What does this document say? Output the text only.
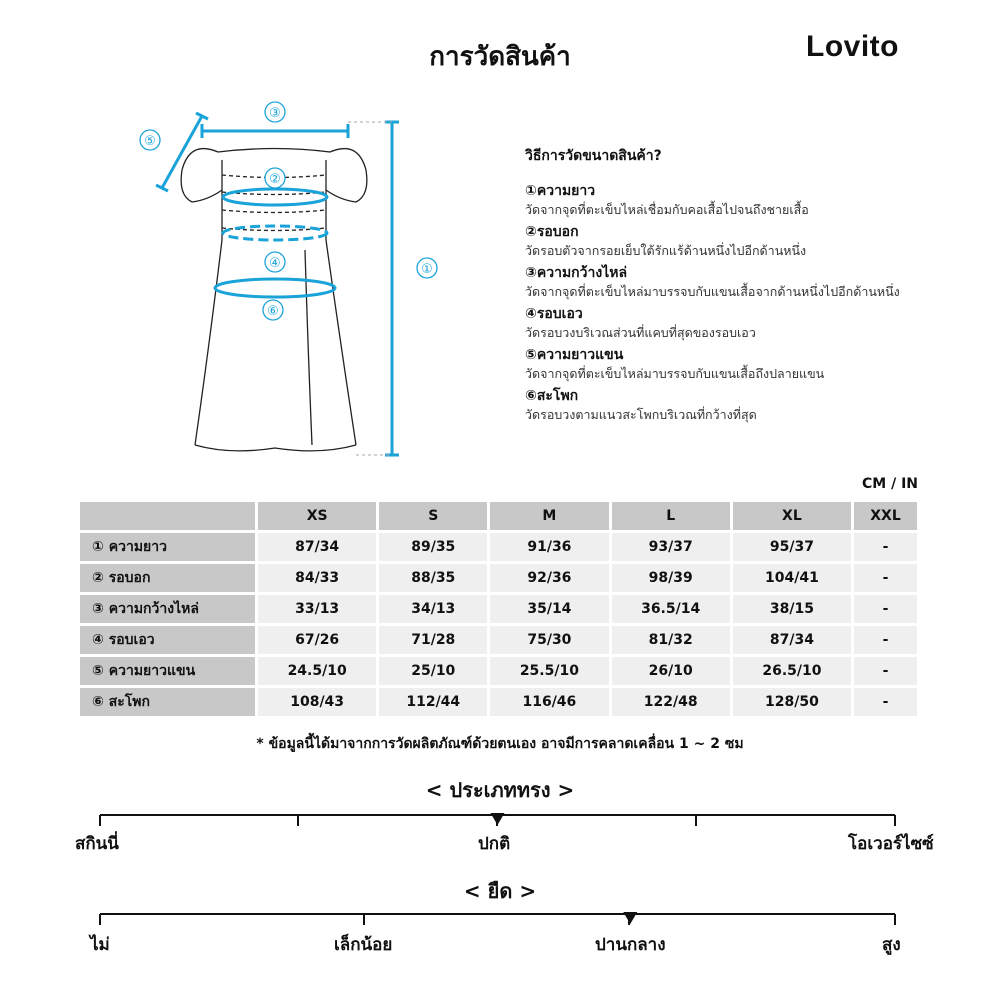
การวัดสินค้า	Lovito
③
⑤
②
④
⑥
①
วิธีการวัดขนาดสินค้า?
①ความยาว
วัดจากจุดที่ตะเข็บไหล่เชื่อมกับคอเสื้อไปจนถึงชายเสื้อ
②รอบอก
วัดรอบตัวจากรอยเย็บใต้รักแร้ด้านหนึ่งไปอีกด้านหนึ่ง
③ความกว้างไหล่
วัดจากจุดที่ตะเข็บไหล่มาบรรจบกับแขนเสื้อจากด้านหนึ่งไปอีกด้านหนึ่ง
④รอบเอว
วัดรอบวงบริเวณส่วนที่แคบที่สุดของรอบเอว
⑤ความยาวแขน
วัดจากจุดที่ตะเข็บไหล่มาบรรจบกับแขนเสื้อถึงปลายแขน
⑥สะโพก
วัดรอบวงตามแนวสะโพกบริเวณที่กว้างที่สุด
CM / IN
	XS	S	M	L	XL	XXL
① ความยาว	87/34	89/35	91/36	93/37	95/37	-
② รอบอก	84/33	88/35	92/36	98/39	104/41	-
③ ความกว้างไหล่	33/13	34/13	35/14	36.5/14	38/15	-
④ รอบเอว	67/26	71/28	75/30	81/32	87/34	-
⑤ ความยาวแขน	24.5/10	25/10	25.5/10	26/10	26.5/10	-
⑥ สะโพก	108/43	112/44	116/46	122/48	128/50	-
* ข้อมูลนี้ได้มาจากการวัดผลิตภัณฑ์ด้วยตนเอง อาจมีการคลาดเคลื่อน 1 ~ 2 ซม
< ประเภททรง >
สกินนี่	ปกติ	โอเวอร์ไซซ์
< ยืด >
ไม่	เล็กน้อย	ปานกลาง	สูง
